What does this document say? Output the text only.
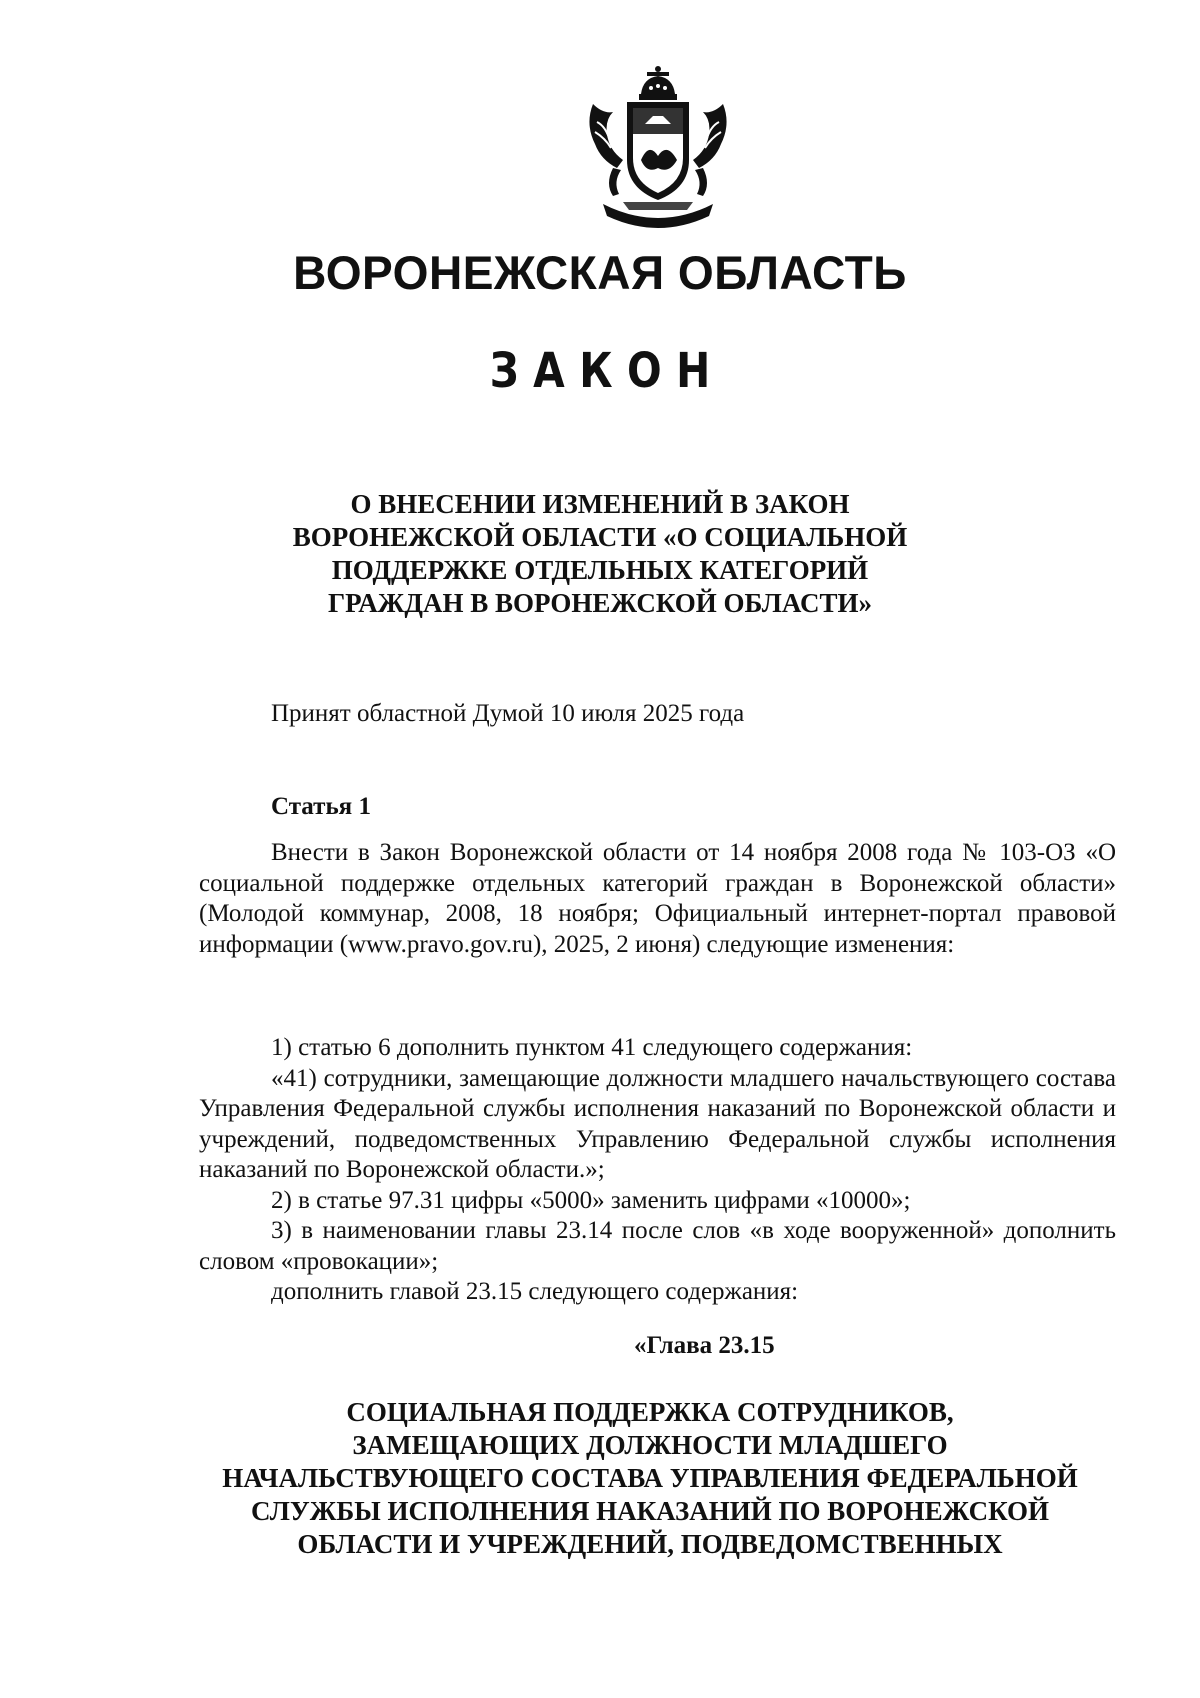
ВОРОНЕЖСКАЯ ОБЛАСТЬ
ЗАКОН
О ВНЕСЕНИИ ИЗМЕНЕНИЙ В ЗАКОН
ВОРОНЕЖСКОЙ ОБЛАСТИ «О СОЦИАЛЬНОЙ
ПОДДЕРЖКЕ ОТДЕЛЬНЫХ КАТЕГОРИЙ
ГРАЖДАН В ВОРОНЕЖСКОЙ ОБЛАСТИ»
Принят областной Думой 10 июля 2025 года
Статья 1

Внести в Закон Воронежской области от 14 ноября 2008 года № 103-ОЗ «О социальной поддержке отдельных категорий граждан в Воронежской области» (Молодой коммунар, 2008, 18 ноября; Официальный интернет-портал правовой информации (www.pravo.gov.ru), 2025, 2 июня) следующие изменения:

1) статью 6 дополнить пунктом 41 следующего содержания:

«41) сотрудники, замещающие должности младшего начальствующего состава Управления Федеральной службы исполнения наказаний по Воронежской области и учреждений, подведомственных Управлению Федеральной службы исполнения наказаний по Воронежской области.»;

2) в статье 97.31 цифры «5000» заменить цифрами «10000»;

3) в наименовании главы 23.14 после слов «в ходе вооруженной» дополнить словом «провокации»;

дополнить главой 23.15 следующего содержания:

«Глава 23.15
СОЦИАЛЬНАЯ ПОДДЕРЖКА СОТРУДНИКОВ,
ЗАМЕЩАЮЩИХ ДОЛЖНОСТИ МЛАДШЕГО
НАЧАЛЬСТВУЮЩЕГО СОСТАВА УПРАВЛЕНИЯ ФЕДЕРАЛЬНОЙ
СЛУЖБЫ ИСПОЛНЕНИЯ НАКАЗАНИЙ ПО ВОРОНЕЖСКОЙ
ОБЛАСТИ И УЧРЕЖДЕНИЙ, ПОДВЕДОМСТВЕННЫХ
